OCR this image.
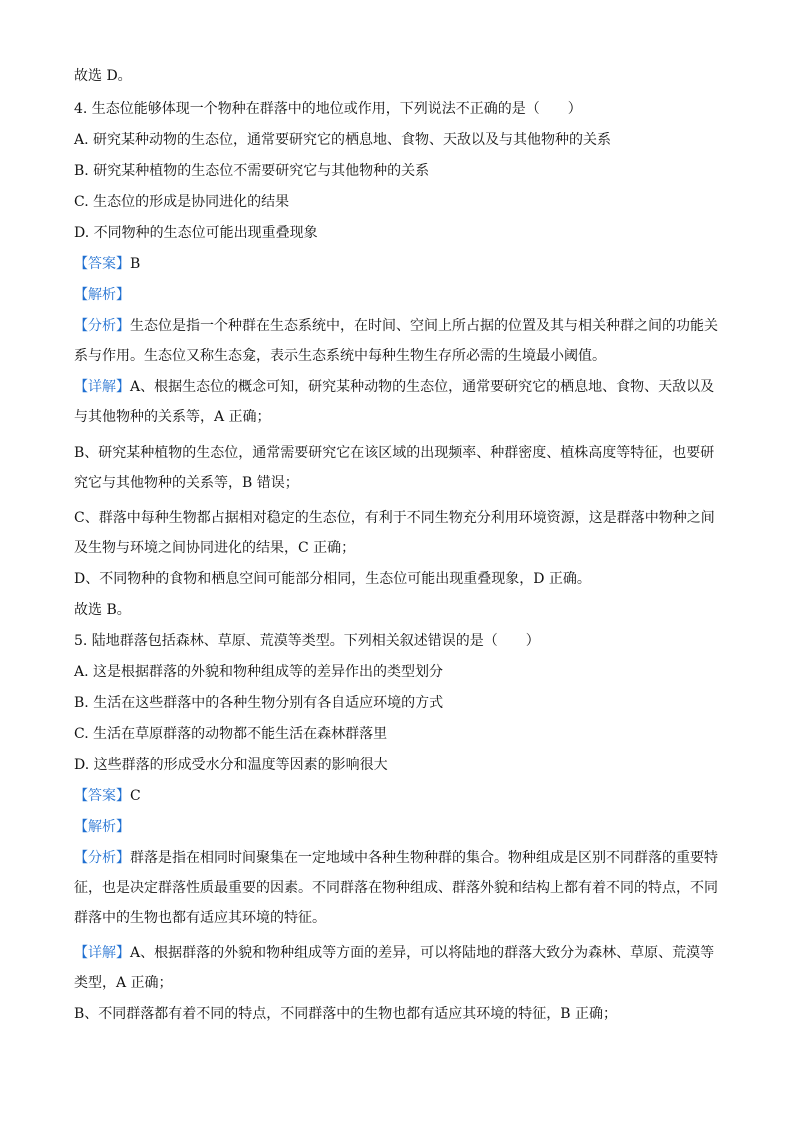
故选 D。
4. 生态位能够体现一个物种在群落中的地位或作用，下列说法不正确的是（　　）
A. 研究某种动物的生态位，通常要研究它的栖息地、食物、天敌以及与其他物种的关系
B. 研究某种植物的生态位不需要研究它与其他物种的关系
C. 生态位的形成是协同进化的结果
D. 不同物种的生态位可能出现重叠现象
【答案】B
【解析】
【分析】生态位是指一个种群在生态系统中，在时间、空间上所占据的位置及其与相关种群之间的功能关系与作用。生态位又称生态龛，表示生态系统中每种生物生存所必需的生境最小阈值。
【详解】A、根据生态位的概念可知，研究某种动物的生态位，通常要研究它的栖息地、食物、天敌以及与其他物种的关系等，A 正确；
B、研究某种植物的生态位，通常需要研究它在该区域的出现频率、种群密度、植株高度等特征，也要研究它与其他物种的关系等，B 错误；
C、群落中每种生物都占据相对稳定的生态位，有利于不同生物充分利用环境资源，这是群落中物种之间及生物与环境之间协同进化的结果，C 正确；
D、不同物种的食物和栖息空间可能部分相同，生态位可能出现重叠现象，D 正确。
故选 B。
5. 陆地群落包括森林、草原、荒漠等类型。下列相关叙述错误的是（　　）
A. 这是根据群落的外貌和物种组成等的差异作出的类型划分
B. 生活在这些群落中的各种生物分别有各自适应环境的方式
C. 生活在草原群落的动物都不能生活在森林群落里
D. 这些群落的形成受水分和温度等因素的影响很大
【答案】C
【解析】
【分析】群落是指在相同时间聚集在一定地域中各种生物种群的集合。物种组成是区别不同群落的重要特征，也是决定群落性质最重要的因素。不同群落在物种组成、群落外貌和结构上都有着不同的特点，不同群落中的生物也都有适应其环境的特征。
【详解】A、根据群落的外貌和物种组成等方面的差异，可以将陆地的群落大致分为森林、草原、荒漠等类型，A 正确；
B、不同群落都有着不同的特点，不同群落中的生物也都有适应其环境的特征，B 正确；
